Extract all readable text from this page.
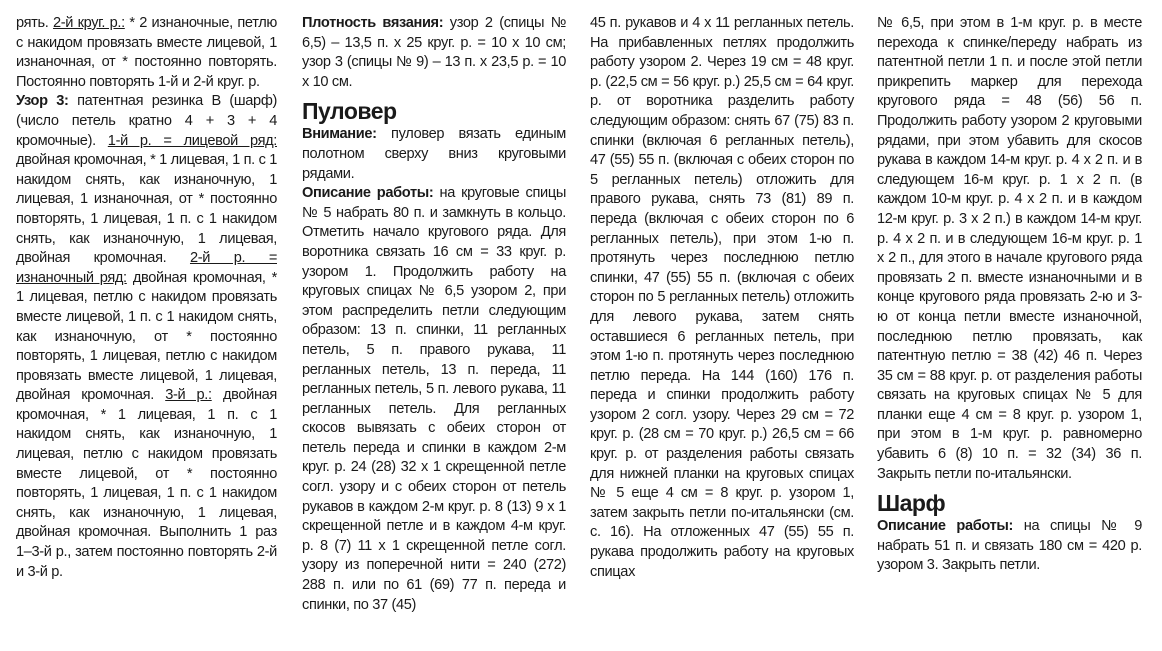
рять. 2-й круг. р.: * 2 изнаночные, петлю с накидом провязать вместе лицевой, 1 изнаночная, от * постоянно повторять. Постоянно повторять 1-й и 2-й круг. р.

Узор 3: патентная резинка В (шарф) (число петель кратно 4 + 3 + 4 кромочные). 1-й р. = лицевой ряд: двойная кромочная, * 1 лицевая, 1 п. с 1 накидом снять, как изнаночную, 1 лицевая, 1 изнаночная, от * постоянно повторять, 1 лицевая, 1 п. с 1 накидом снять, как изнаночную, 1 лицевая, двойная кромочная. 2-й р. = изнаночный ряд: двойная кромочная, * 1 лицевая, петлю с накидом провязать вместе лицевой, 1 п. с 1 накидом снять, как изнаночную, от * постоянно повторять, 1 лицевая, петлю с накидом провязать вместе лицевой, 1 лицевая, двойная кромочная. 3-й р.: двойная кромочная, * 1 лицевая, 1 п. с 1 накидом снять, как изнаночную, 1 лицевая, петлю с накидом провязать вместе лицевой, от * постоянно повторять, 1 лицевая, 1 п. с 1 накидом снять, как изнаночную, 1 лицевая, двойная кромочная. Выполнить 1 раз 1–3-й р., затем постоянно повторять 2-й и 3-й р.

Плотность вязания: узор 2 (спицы № 6,5) – 13,5 п. х 25 круг. р. = 10 х 10 см; узор 3 (спицы № 9) – 13 п. х 23,5 р. = 10 х 10 см.

Пуловер

Внимание: пуловер вязать единым полотном сверху вниз круговыми рядами.

Описание работы: на круговые спицы № 5 набрать 80 п. и замкнуть в кольцо. Отметить начало кругового ряда. Для воротника связать 16 см = 33 круг. р. узором 1. Продолжить работу на круговых спицах № 6,5 узором 2, при этом распределить петли следующим образом: 13 п. спинки, 11 регланных петель, 5 п. правого рукава, 11 регланных петель, 13 п. переда, 11 регланных петель, 5 п. левого рукава, 11 регланных петель. Для регланных скосов вывязать с обеих сторон от петель переда и спинки в каждом 2-м круг. р. 24 (28) 32 х 1 скрещенной петле согл. узору и с обеих сторон от петель рукавов в каждом 2-м круг. р. 8 (13) 9 х 1 скрещенной петле и в каждом 4-м круг. р. 8 (7) 11 х 1 скрещенной петле согл. узору из поперечной нити = 240 (272) 288 п. или по 61 (69) 77 п. переда и спинки, по 37 (45)

45 п. рукавов и 4 х 11 регланных петель. На прибавленных петлях продолжить работу узором 2. Через 19 см = 48 круг. р. (22,5 см = 56 круг. р.) 25,5 см = 64 круг. р. от воротника разделить работу следующим образом: снять 67 (75) 83 п. спинки (включая 6 регланных петель), 47 (55) 55 п. (включая с обеих сторон по 5 регланных петель) отложить для правого рукава, снять 73 (81) 89 п. переда (включая с обеих сторон по 6 регланных петель), при этом 1-ю п. протянуть через последнюю петлю спинки, 47 (55) 55 п. (включая с обеих сторон по 5 регланных петель) отложить для левого рукава, затем снять оставшиеся 6 регланных петель, при этом 1-ю п. протянуть через последнюю петлю переда. На 144 (160) 176 п. переда и спинки продолжить работу узором 2 согл. узору. Через 29 см = 72 круг. р. (28 см = 70 круг. р.) 26,5 см = 66 круг. р. от разделения работы связать для нижней планки на круговых спицах № 5 еще 4 см = 8 круг. р. узором 1, затем закрыть петли по-итальянски (см. с. 16). На отложенных 47 (55) 55 п. рукава продолжить работу на круговых спицах

№ 6,5, при этом в 1-м круг. р. в месте перехода к спинке/переду набрать из патентной петли 1 п. и после этой петли прикрепить маркер для перехода кругового ряда = 48 (56) 56 п. Продолжить работу узором 2 круговыми рядами, при этом убавить для скосов рукава в каждом 14-м круг. р. 4 х 2 п. и в следующем 16-м круг. р. 1 х 2 п. (в каждом 10-м круг. р. 4 х 2 п. и в каждом 12-м круг. р. 3 х 2 п.) в каждом 14-м круг. р. 4 х 2 п. и в следующем 16-м круг. р. 1 х 2 п., для этого в начале кругового ряда провязать 2 п. вместе изнаночными и в конце кругового ряда провязать 2-ю и 3-ю от конца петли вместе изнаночной, последнюю петлю провязать, как патентную петлю = 38 (42) 46 п. Через 35 см = 88 круг. р. от разделения работы связать на круговых спицах № 5 для планки еще 4 см = 8 круг. р. узором 1, при этом в 1-м круг. р. равномерно убавить 6 (8) 10 п. = 32 (34) 36 п. Закрыть петли по-итальянски.

Шарф

Описание работы: на спицы № 9 набрать 51 п. и связать 180 см = 420 р. узором 3. Закрыть петли.
